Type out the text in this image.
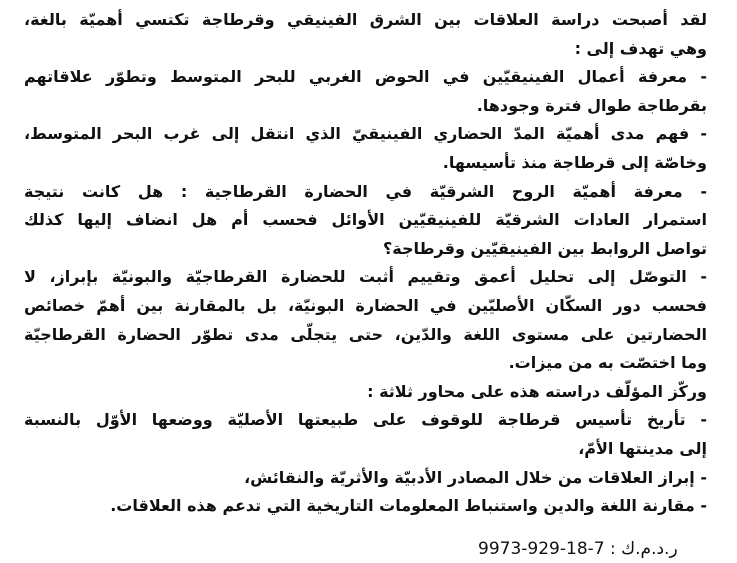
لقد أصبحت دراسة العلاقات بين الشرق الفينيقي وقرطاجة تكتسي أهميّة بالغة،

وهي تهدف إلى :

- معرفة أعمال الفينيقيّين في الحوض الغربي للبحر المتوسط وتطوّر علاقاتهم

بقرطاجة طوال فترة وجودها.

- فهم مدى أهميّة المدّ الحضاري الفينيقيّ الذي انتقل إلى غرب البحر المتوسط،

وخاصّة إلى قرطاجة منذ تأسيسها.

- معرفة أهميّة الروح الشرقيّة في الحضارة القرطاجية : هل كانت نتيجة

استمرار العادات الشرقيّة للفينيقيّين الأوائل فحسب أم هل انضاف إليها كذلك

تواصل الروابط بين الفينيقيّين وقرطاجة؟

- التوصّل إلى تحليل أعمق وتقييم أثبت للحضارة القرطاجيّة والبونيّة بإبراز، لا

فحسب دور السكّان الأصليّين في الحضارة البونيّة، بل بالمقارنة بين أهمّ خصائص

الحضارتين على مستوى اللغة والدّين، حتى يتجلّى مدى تطوّر الحضارة القرطاجيّة

وما اختصّت به من ميزات.

وركّز المؤلّف دراسته هذه على محاور ثلاثة :

- تأريخ تأسيس قرطاجة للوقوف على طبيعتها الأصليّة ووضعها الأوّل بالنسبة

إلى مدينتها الأمّ،

- إبراز العلاقات من خلال المصادر الأدبيّة والأثريّة والنقائش،

- مقارنة اللغة والدين واستنباط المعلومات التاريخية التي تدعم هذه العلاقات.

ر.د.م.ك : 7-18-929-9973
